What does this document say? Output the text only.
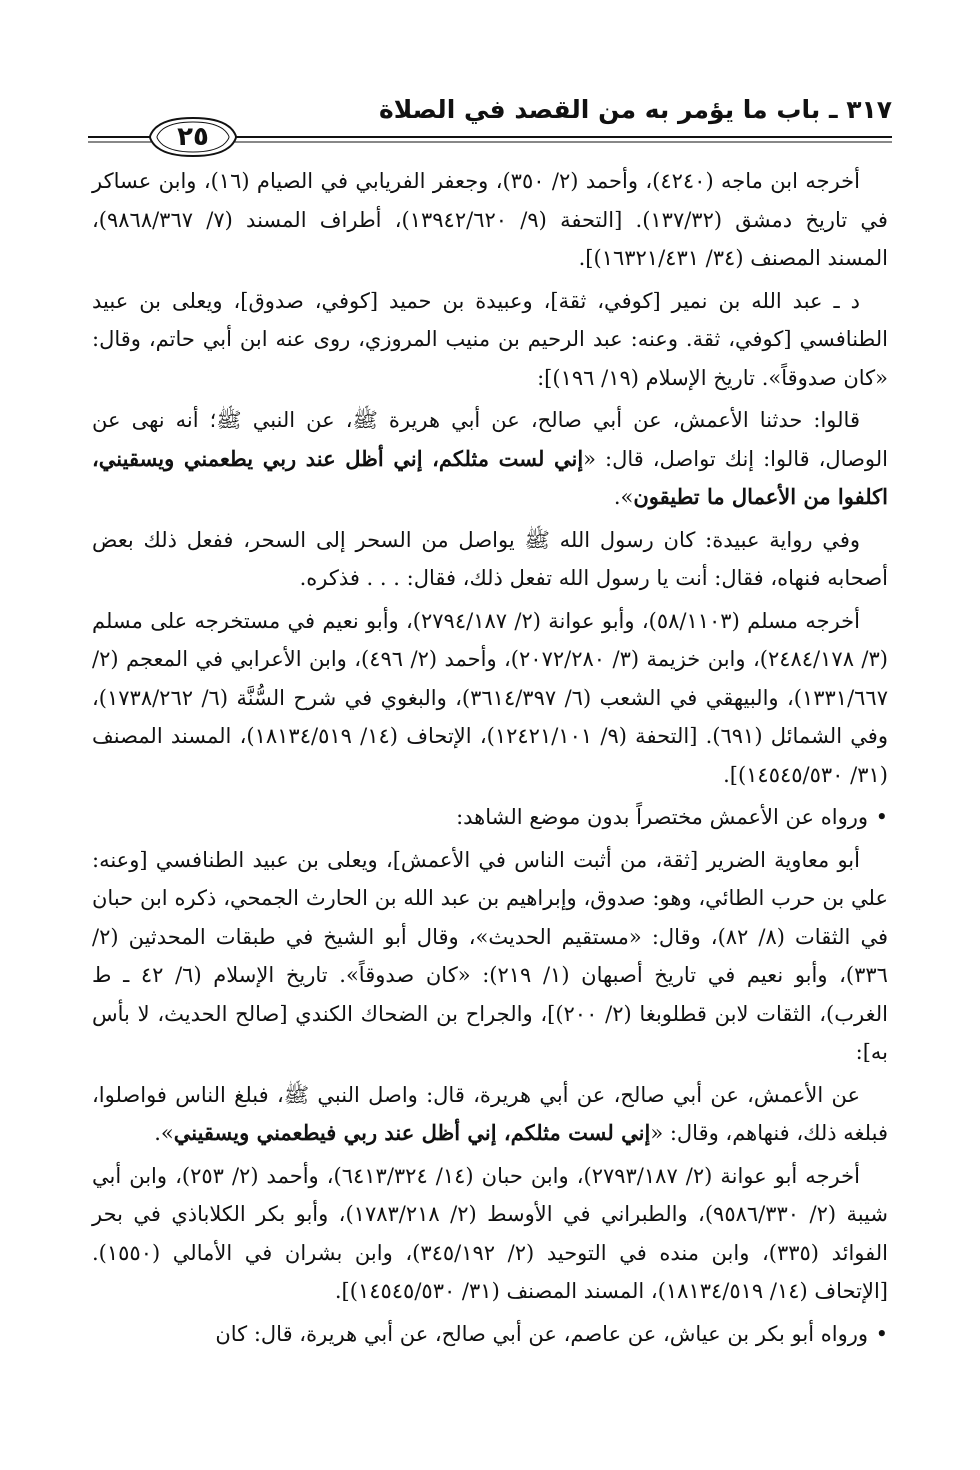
٣١٧ ـ باب ما يؤمر به من القصد في الصلاة
٢٥

أخرجه ابن ماجه (٤٢٤٠)، وأحمد (٢/ ٣٥٠)، وجعفر الفريابي في الصيام (١٦)، وابن عساكر في تاريخ دمشق (١٣٧/٣٢). [التحفة (٩/ ١٣٩٤٢/٦٢٠)، أطراف المسند (٧/ ٩٨٦٨/٣٦٧)، المسند المصنف (٣٤/ ١٦٣٢١/٤٣١)].

د ـ عبد الله بن نمير [كوفي، ثقة]، وعبيدة بن حميد [كوفي، صدوق]، ويعلى بن عبيد الطنافسي [كوفي، ثقة. وعنه: عبد الرحيم بن منيب المروزي، روى عنه ابن أبي حاتم، وقال: «كان صدوقاً». تاريخ الإسلام (١٩/ ١٩٦)]:

قالوا: حدثنا الأعمش، عن أبي صالح، عن أبي هريرة ﷺ، عن النبي ﷺ؛ أنه نهى عن الوصال، قالوا: إنك تواصل، قال: «إني لست مثلكم، إني أظل عند ربي يطعمني ويسقيني، اكلفوا من الأعمال ما تطيقون».

وفي رواية عبيدة: كان رسول الله ﷺ يواصل من السحر إلى السحر، ففعل ذلك بعض أصحابه فنهاه، فقال: أنت يا رسول الله تفعل ذلك، فقال: . . . فذكره.

أخرجه مسلم (٥٨/١١٠٣)، وأبو عوانة (٢/ ٢٧٩٤/١٨٧)، وأبو نعيم في مستخرجه على مسلم (٣/ ٢٤٨٤/١٧٨)، وابن خزيمة (٣/ ٢٠٧٢/٢٨٠)، وأحمد (٢/ ٤٩٦)، وابن الأعرابي في المعجم (٢/ ١٣٣١/٦٦٧)، والبيهقي في الشعب (٦/ ٣٦١٤/٣٩٧)، والبغوي في شرح السُّنَّة (٦/ ١٧٣٨/٢٦٢)، وفي الشمائل (٦٩١). [التحفة (٩/ ١٢٤٢١/١٠١)، الإتحاف (١٤/ ١٨١٣٤/٥١٩)، المسند المصنف (٣١/ ١٤٥٤٥/٥٣٠)].

•ورواه عن الأعمش مختصراً بدون موضع الشاهد:

أبو معاوية الضرير [ثقة، من أثبت الناس في الأعمش]، ويعلى بن عبيد الطنافسي [وعنه: علي بن حرب الطائي، وهو: صدوق، وإبراهيم بن عبد الله بن الحارث الجمحي، ذكره ابن حبان في الثقات (٨/ ٨٢)، وقال: «مستقيم الحديث»، وقال أبو الشيخ في طبقات المحدثين (٢/ ٣٣٦)، وأبو نعيم في تاريخ أصبهان (١/ ٢١٩): «كان صدوقاً». تاريخ الإسلام (٦/ ٤٢ ـ ط الغرب)، الثقات لابن قطلوبغا (٢/ ٢٠٠)]، والجراح بن الضحاك الكندي [صالح الحديث، لا بأس به]:

عن الأعمش، عن أبي صالح، عن أبي هريرة، قال: واصل النبي ﷺ، فبلغ الناس فواصلوا، فبلغه ذلك، فنهاهم، وقال: «إني لست مثلكم، إني أظل عند ربي فيطعمني ويسقيني».

أخرجه أبو عوانة (٢/ ٢٧٩٣/١٨٧)، وابن حبان (١٤/ ٦٤١٣/٣٢٤)، وأحمد (٢/ ٢٥٣)، وابن أبي شيبة (٢/ ٩٥٨٦/٣٣٠)، والطبراني في الأوسط (٢/ ١٧٨٣/٢١٨)، وأبو بكر الكلاباذي في بحر الفوائد (٣٣٥)، وابن منده في التوحيد (٢/ ٣٤٥/١٩٢)، وابن بشران في الأمالي (١٥٥٠). [الإتحاف (١٤/ ١٨١٣٤/٥١٩)، المسند المصنف (٣١/ ١٤٥٤٥/٥٣٠)].

•ورواه أبو بكر بن عياش، عن عاصم، عن أبي صالح، عن أبي هريرة، قال: كان
